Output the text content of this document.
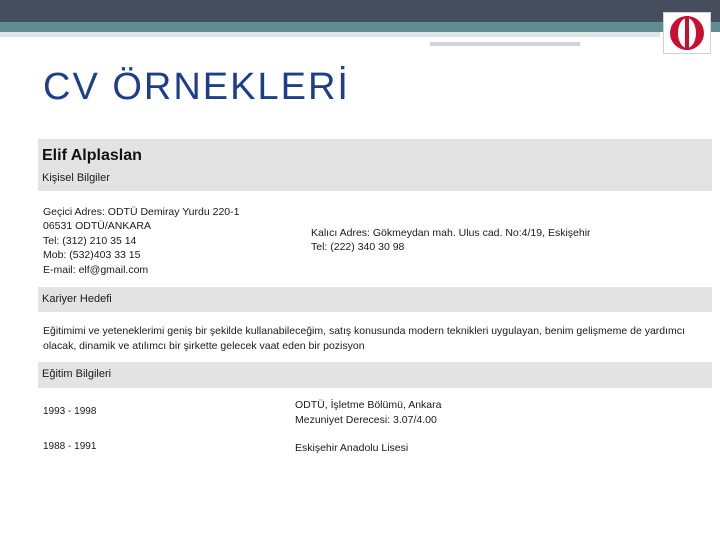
CV ÖRNEKLERİ
Elif Alplaslan
Kişisel Bilgiler
Geçici Adres: ODTÜ Demiray Yurdu 220-1
06531 ODTÜ/ANKARA
Tel: (312) 210 35 14
Mob: (532)403 33 15
E-mail: elf@gmail.com
Kalıcı Adres: Gökmeydan mah. Ulus cad. No:4/19, Eskişehir
Tel: (222) 340 30 98
Kariyer Hedefi
Eğitimimi ve yeteneklerimi geniş bir şekilde kullanabileceğim, satış konusunda modern teknikleri uygulayan, benim gelişmeme de yardımcı olacak, dinamik ve atılımcı bir şirkette gelecek vaat eden bir pozisyon
Eğitim Bilgileri
1993 - 1998
ODTÜ, İşletme Bölümü, Ankara
Mezuniyet Derecesi: 3.07/4.00
1988 - 1991	Eskişehir Anadolu Lisesi
